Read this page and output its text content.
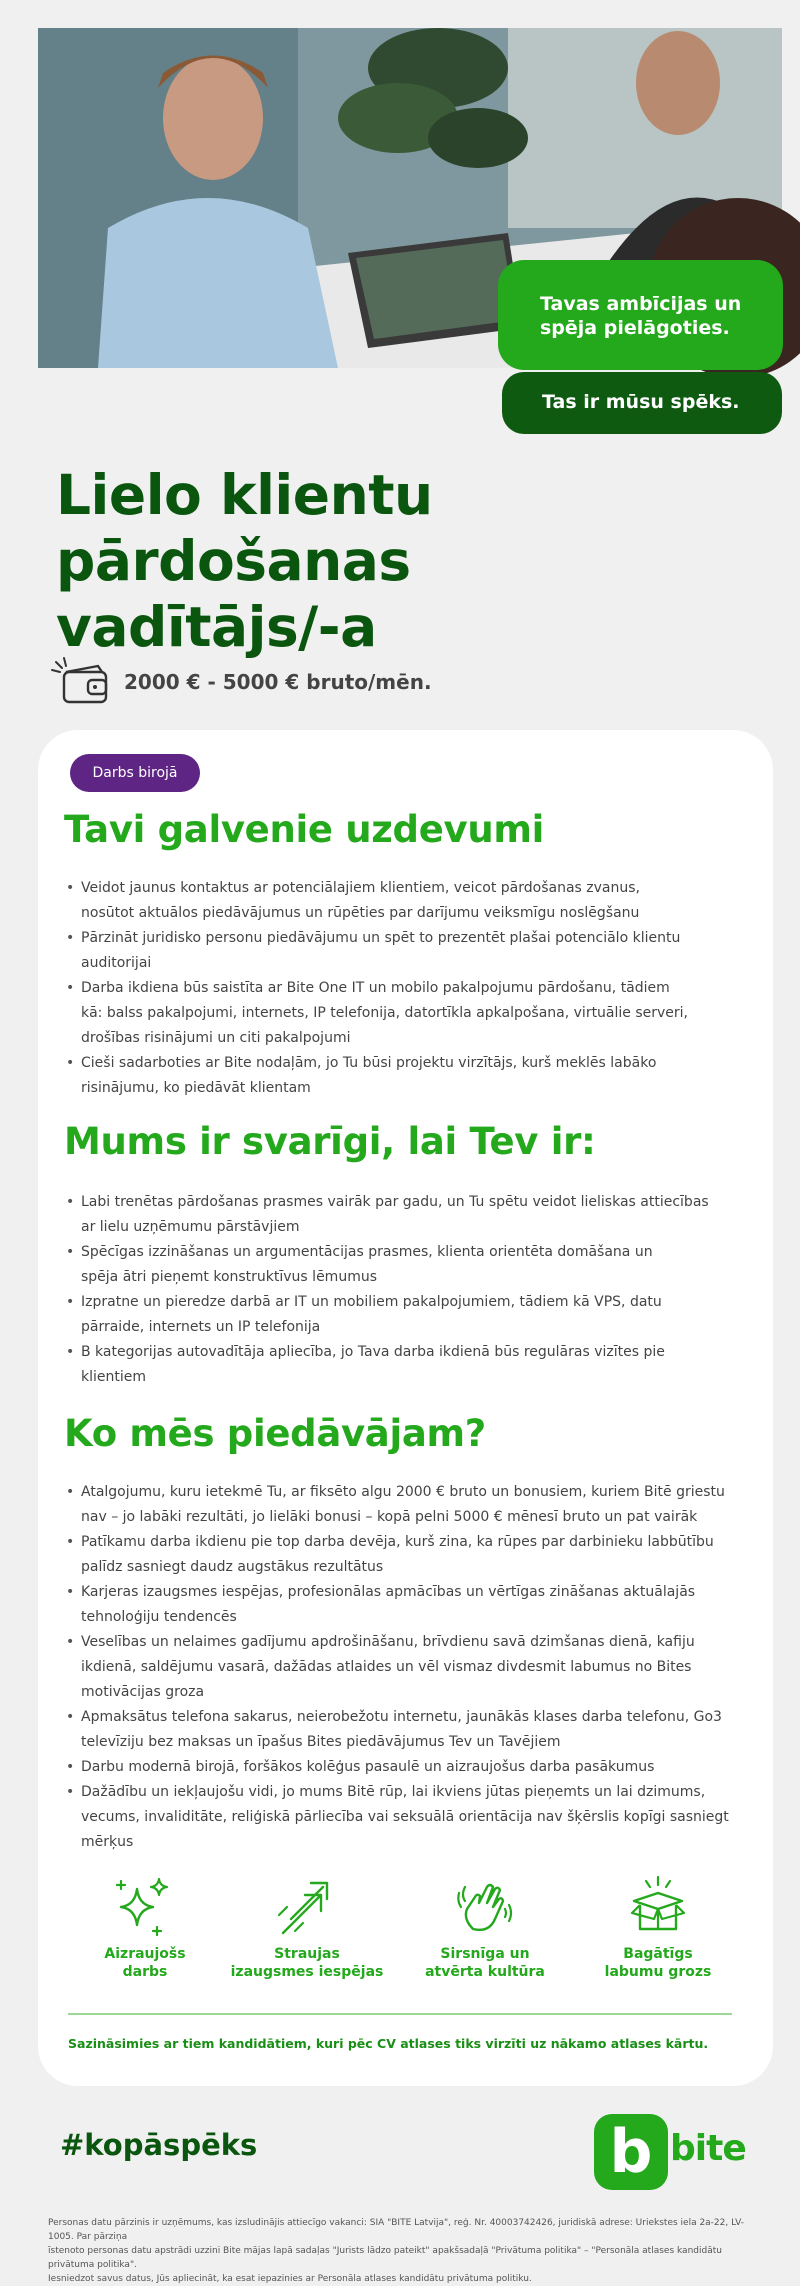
Tavas ambīcijas un
spēja pielāgoties.
Tas ir mūsu spēks.
Lielo klientu pārdošanas
vadītājs/-a
2000 € - 5000 € bruto/mēn.
Darbs birojā
Tavi galvenie uzdevumi
• Veidot jaunus kontaktus ar potenciālajiem klientiem, veicot pārdošanas zvanus,
nosūtot aktuālos piedāvājumus un rūpēties par darījumu veiksmīgu noslēgšanu
• Pārzināt juridisko personu piedāvājumu un spēt to prezentēt plašai potenciālo klientu
auditorijai
• Darba ikdiena būs saistīta ar Bite One IT un mobilo pakalpojumu pārdošanu, tādiem
kā: balss pakalpojumi, internets, IP telefonija, datortīkla apkalpošana, virtuālie serveri,
drošības risinājumi un citi pakalpojumi
• Cieši sadarboties ar Bite nodaļām, jo Tu būsi projektu virzītājs, kurš meklēs labāko
risinājumu, ko piedāvāt klientam
Mums ir svarīgi, lai Tev ir:
• Labi trenētas pārdošanas prasmes vairāk par gadu, un Tu spētu veidot lieliskas attiecības
ar lielu uzņēmumu pārstāvjiem
• Spēcīgas izzināšanas un argumentācijas prasmes, klienta orientēta domāšana un
spēja ātri pieņemt konstruktīvus lēmumus
• Izpratne un pieredze darbā ar IT un mobiliem pakalpojumiem, tādiem kā VPS, datu
pārraide, internets un IP telefonija
• B kategorijas autovadītāja apliecība, jo Tava darba ikdienā būs regulāras vizītes pie
klientiem
Ko mēs piedāvājam?
• Atalgojumu, kuru ietekmē Tu, ar fiksēto algu 2000 € bruto un bonusiem, kuriem Bitē griestu
nav – jo labāki rezultāti, jo lielāki bonusi – kopā pelni 5000 € mēnesī bruto un pat vairāk
• Patīkamu darba ikdienu pie top darba devēja, kurš zina, ka rūpes par darbinieku labbūtību
palīdz sasniegt daudz augstākus rezultātus
• Karjeras izaugsmes iespējas, profesionālas apmācības un vērtīgas zināšanas aktuālajās
tehnoloģiju tendencēs
• Veselības un nelaimes gadījumu apdrošināšanu, brīvdienu savā dzimšanas dienā, kafiju
ikdienā, saldējumu vasarā, dažādas atlaides un vēl vismaz divdesmit labumus no Bites
motivācijas groza
• Apmaksātus telefona sakarus, neierobežotu internetu, jaunākās klases darba telefonu, Go3
televīziju bez maksas un īpašus Bites piedāvājumus Tev un Tavējiem
• Darbu modernā birojā, foršākos kolēģus pasaulē un aizraujošus darba pasākumus
• Dažādību un iekļaujošu vidi, jo mums Bitē rūp, lai ikviens jūtas pieņemts un lai dzimums,
vecums, invaliditāte, reliģiskā pārliecība vai seksuālā orientācija nav šķērslis kopīgi sasniegt
mērķus
Aizraujošs
darbs
Straujas
izaugsmes iespējas
Sirsnīga un
atvērta kultūra
Bagātīgs
labumu grozs
Sazināsimies ar tiem kandidātiem, kuri pēc CV atlases tiks virzīti uz nākamo atlases kārtu.
#kopāspēks	b bite
Personas datu pārzinis ir uzņēmums, kas izsludinājis attiecīgo vakanci: SIA "BITE Latvija", reģ. Nr. 40003742426, juridiskā adrese: Uriekstes iela 2a-22, LV-1005. Par pārziņa
īstenoto personas datu apstrādi uzzini Bite mājas lapā sadaļas "Jurists lādzo pateikt" apakšsadaļā "Privātuma politika" – "Personāla atlases kandidātu privātuma politika".
Iesniedzot savus datus, Jūs apliecināt, ka esat iepazinies ar Personāla atlases kandidātu privātuma politiku.
